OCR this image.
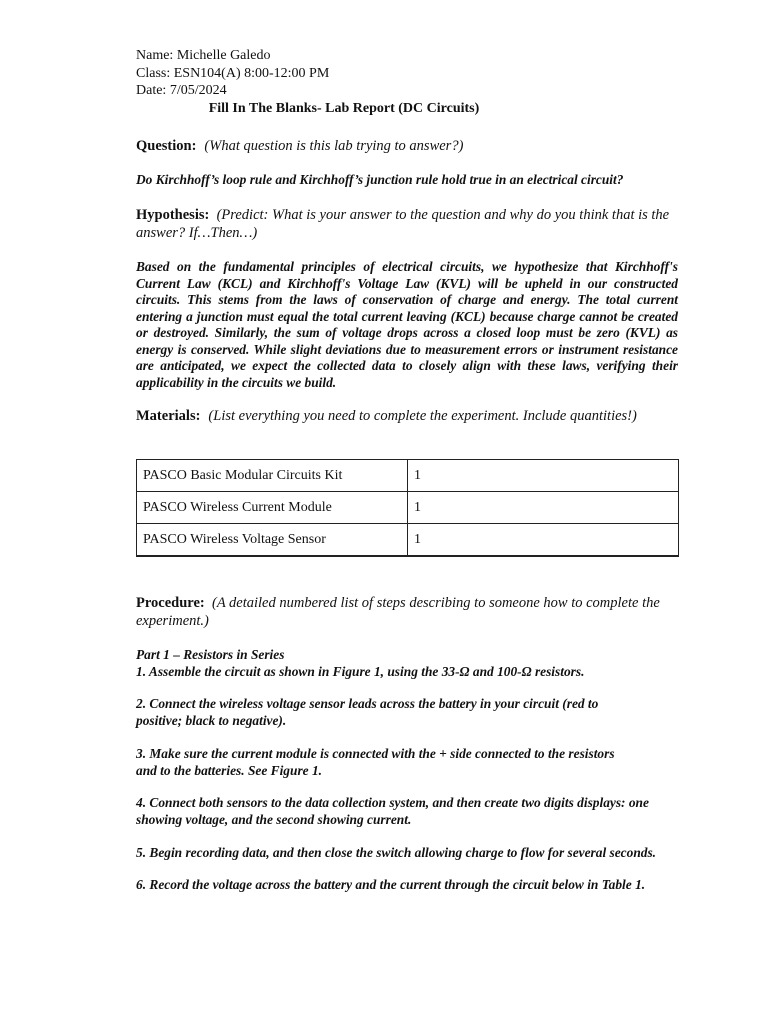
Name: Michelle Galedo
Class: ESN104(A) 8:00-12:00 PM
Date: 7/05/2024
Fill In The Blanks- Lab Report (DC Circuits)
Question: (What question is this lab trying to answer?)
Do Kirchhoff’s loop rule and Kirchhoff’s junction rule hold true in an electrical circuit?
Hypothesis: (Predict: What is your answer to the question and why do you think that is the answer? If…Then…)
Based on the fundamental principles of electrical circuits, we hypothesize that Kirchhoff's Current Law (KCL) and Kirchhoff's Voltage Law (KVL) will be upheld in our constructed circuits. This stems from the laws of conservation of charge and energy. The total current entering a junction must equal the total current leaving (KCL) because charge cannot be created or destroyed. Similarly, the sum of voltage drops across a closed loop must be zero (KVL) as energy is conserved. While slight deviations due to measurement errors or instrument resistance are anticipated, we expect the collected data to closely align with these laws, verifying their applicability in the circuits we build.
Materials: (List everything you need to complete the experiment. Include quantities!)
PASCO Basic Modular Circuits Kit	1
PASCO Wireless Current Module	1
PASCO Wireless Voltage Sensor	1
Procedure: (A detailed numbered list of steps describing to someone how to complete the experiment.)
Part 1 – Resistors in Series
1. Assemble the circuit as shown in Figure 1, using the 33-Ω and 100-Ω resistors.
2. Connect the wireless voltage sensor leads across the battery in your circuit (red to positive; black to negative).
3. Make sure the current module is connected with the + side connected to the resistors and to the batteries. See Figure 1.
4. Connect both sensors to the data collection system, and then create two digits displays: one showing voltage, and the second showing current.
5. Begin recording data, and then close the switch allowing charge to flow for several seconds.
6. Record the voltage across the battery and the current through the circuit below in Table 1.
